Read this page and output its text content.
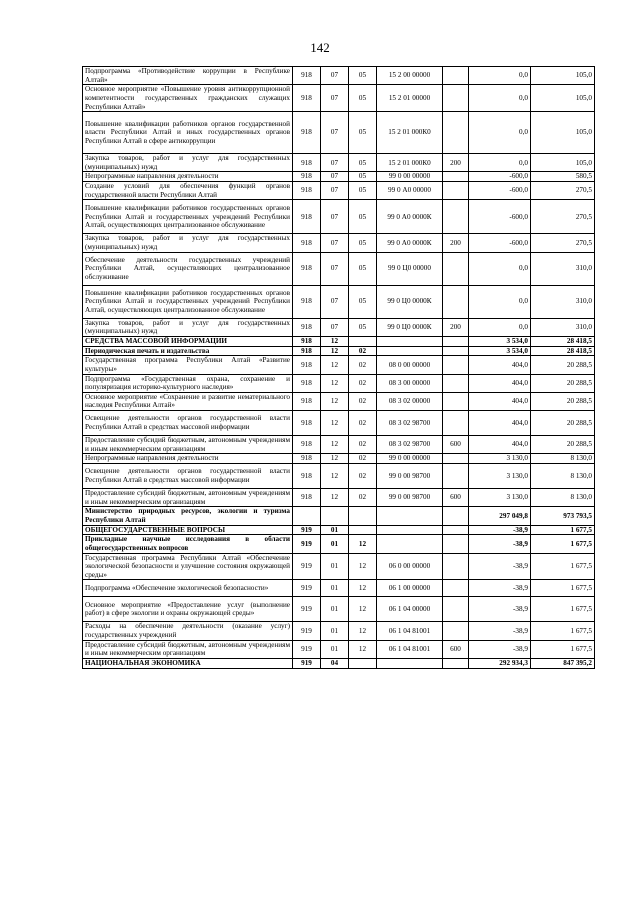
142
Подпрограмма «Противодействие коррупции в Республике Алтай»	918	07	05	15 2 00 00000		0,0	105,0
Основное мероприятие «Повышение уровня антикоррупционной компетентности государственных гражданских служащих Республики Алтай»	918	07	05	15 2 01 00000		0,0	105,0
Повышение квалификации работников органов государственной власти Республики Алтай и иных государственных органов Республики Алтай в сфере антикоррупции	918	07	05	15 2 01 000К0		0,0	105,0
Закупка товаров, работ и услуг для государственных (муниципальных) нужд	918	07	05	15 2 01 000К0	200	0,0	105,0
Непрограммные направления деятельности	918	07	05	99 0 00 00000		-600,0	580,5
Создание условий для обеспечения функций органов государственной власти Республики Алтай	918	07	05	99 0 А0 00000		-600,0	270,5
Повышение квалификации работников государственных органов Республики Алтай и государственных учреждений Республики Алтай, осуществляющих централизованное обслуживание	918	07	05	99 0 А0 0000К		-600,0	270,5
Закупка товаров, работ и услуг для государственных (муниципальных) нужд	918	07	05	99 0 А0 0000К	200	-600,0	270,5
Обеспечение деятельности государственных учреждений Республики Алтай, осуществляющих централизованное обслуживание	918	07	05	99 0 Ц0 00000		0,0	310,0
Повышение квалификации работников государственных органов Республики Алтай и государственных учреждений Республики Алтай, осуществляющих централизованное обслуживание	918	07	05	99 0 Ц0 0000К		0,0	310,0
Закупка товаров, работ и услуг для государственных (муниципальных) нужд	918	07	05	99 0 Ц0 0000К	200	0,0	310,0
СРЕДСТВА МАССОВОЙ ИНФОРМАЦИИ	918	12				3 534,0	28 418,5
Периодическая печать и издательства	918	12	02			3 534,0	28 418,5
Государственная программа Республики Алтай «Развитие культуры»	918	12	02	08 0 00 00000		404,0	20 288,5
Подпрограмма «Государственная охрана, сохранение и популяризация историко-культурного наследия»	918	12	02	08 3 00 00000		404,0	20 288,5
Основное мероприятие «Сохранение и развитие нематериального наследия Республики Алтай»	918	12	02	08 3 02 00000		404,0	20 288,5
Освещение деятельности органов государственной власти Республики Алтай в средствах массовой информации	918	12	02	08 3 02 98700		404,0	20 288,5
Предоставление субсидий бюджетным, автономным учреждениям и иным некоммерческим организациям	918	12	02	08 3 02 98700	600	404,0	20 288,5
Непрограммные направления деятельности	918	12	02	99 0 00 00000		3 130,0	8 130,0
Освещение деятельности органов государственной власти Республики Алтай в средствах массовой информации	918	12	02	99 0 00 98700		3 130,0	8 130,0
Предоставление субсидий бюджетным, автономным учреждениям и иным некоммерческим организациям	918	12	02	99 0 00 98700	600	3 130,0	8 130,0
Министерство природных ресурсов, экологии и туризма Республики Алтай						297 049,8	973 793,5
ОБЩЕГОСУДАРСТВЕННЫЕ ВОПРОСЫ	919	01				-38,9	1 677,5
Прикладные научные исследования в области общегосударственных вопросов	919	01	12			-38,9	1 677,5
Государственная программа Республики Алтай «Обеспечение экологической безопасности и улучшение состояния окружающей среды»	919	01	12	06 0 00 00000		-38,9	1 677,5
Подпрограмма «Обеспечение экологической безопасности»	919	01	12	06 1 00 00000		-38,9	1 677,5
Основное мероприятие «Предоставление услуг (выполнение работ) в сфере экологии и охраны окружающей среды»	919	01	12	06 1 04 00000		-38,9	1 677,5
Расходы на обеспечение деятельности (оказание услуг) государственных учреждений	919	01	12	06 1 04 81001		-38,9	1 677,5
Предоставление субсидий бюджетным, автономным учреждениям и иным некоммерческим организациям	919	01	12	06 1 04 81001	600	-38,9	1 677,5
НАЦИОНАЛЬНАЯ ЭКОНОМИКА	919	04				292 934,3	847 395,2
